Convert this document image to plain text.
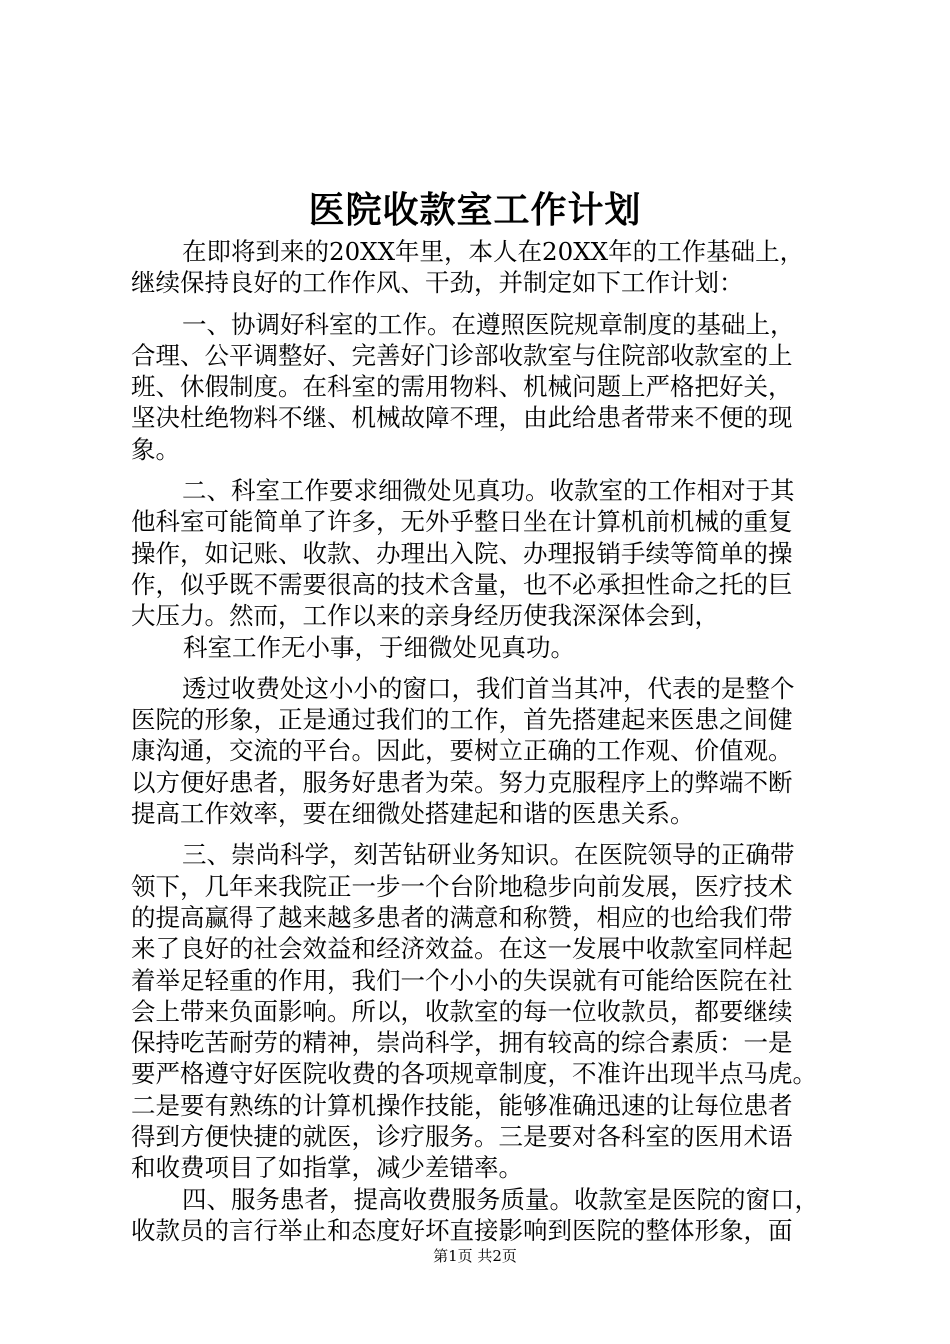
医院收款室工作计划
在即将到来的20XX年里，本人在20XX年的工作基础上，
继续保持良好的工作作风、干劲，并制定如下工作计划：
一、协调好科室的工作。在遵照医院规章制度的基础上，
合理、公平调整好、完善好门诊部收款室与住院部收款室的上
班、休假制度。在科室的需用物料、机械问题上严格把好关，
坚决杜绝物料不继、机械故障不理，由此给患者带来不便的现
象。
二、科室工作要求细微处见真功。收款室的工作相对于其
他科室可能简单了许多，无外乎整日坐在计算机前机械的重复
操作，如记账、收款、办理出入院、办理报销手续等简单的操
作，似乎既不需要很高的技术含量，也不必承担性命之托的巨
大压力。然而，工作以来的亲身经历使我深深体会到，
科室工作无小事，于细微处见真功。
透过收费处这小小的窗口，我们首当其冲，代表的是整个
医院的形象，正是通过我们的工作，首先搭建起来医患之间健
康沟通，交流的平台。因此，要树立正确的工作观、价值观。
以方便好患者，服务好患者为荣。努力克服程序上的弊端不断
提高工作效率，要在细微处搭建起和谐的医患关系。
三、崇尚科学，刻苦钻研业务知识。在医院领导的正确带
领下，几年来我院正一步一个台阶地稳步向前发展，医疗技术
的提高赢得了越来越多患者的满意和称赞，相应的也给我们带
来了良好的社会效益和经济效益。在这一发展中收款室同样起
着举足轻重的作用，我们一个小小的失误就有可能给医院在社
会上带来负面影响。所以，收款室的每一位收款员，都要继续
保持吃苦耐劳的精神，崇尚科学，拥有较高的综合素质：一是
要严格遵守好医院收费的各项规章制度，不准许出现半点马虎。
二是要有熟练的计算机操作技能，能够准确迅速的让每位患者
得到方便快捷的就医，诊疗服务。三是要对各科室的医用术语
和收费项目了如指掌，减少差错率。
四、服务患者，提高收费服务质量。收款室是医院的窗口，
收款员的言行举止和态度好坏直接影响到医院的整体形象，面
第1页 共2页
